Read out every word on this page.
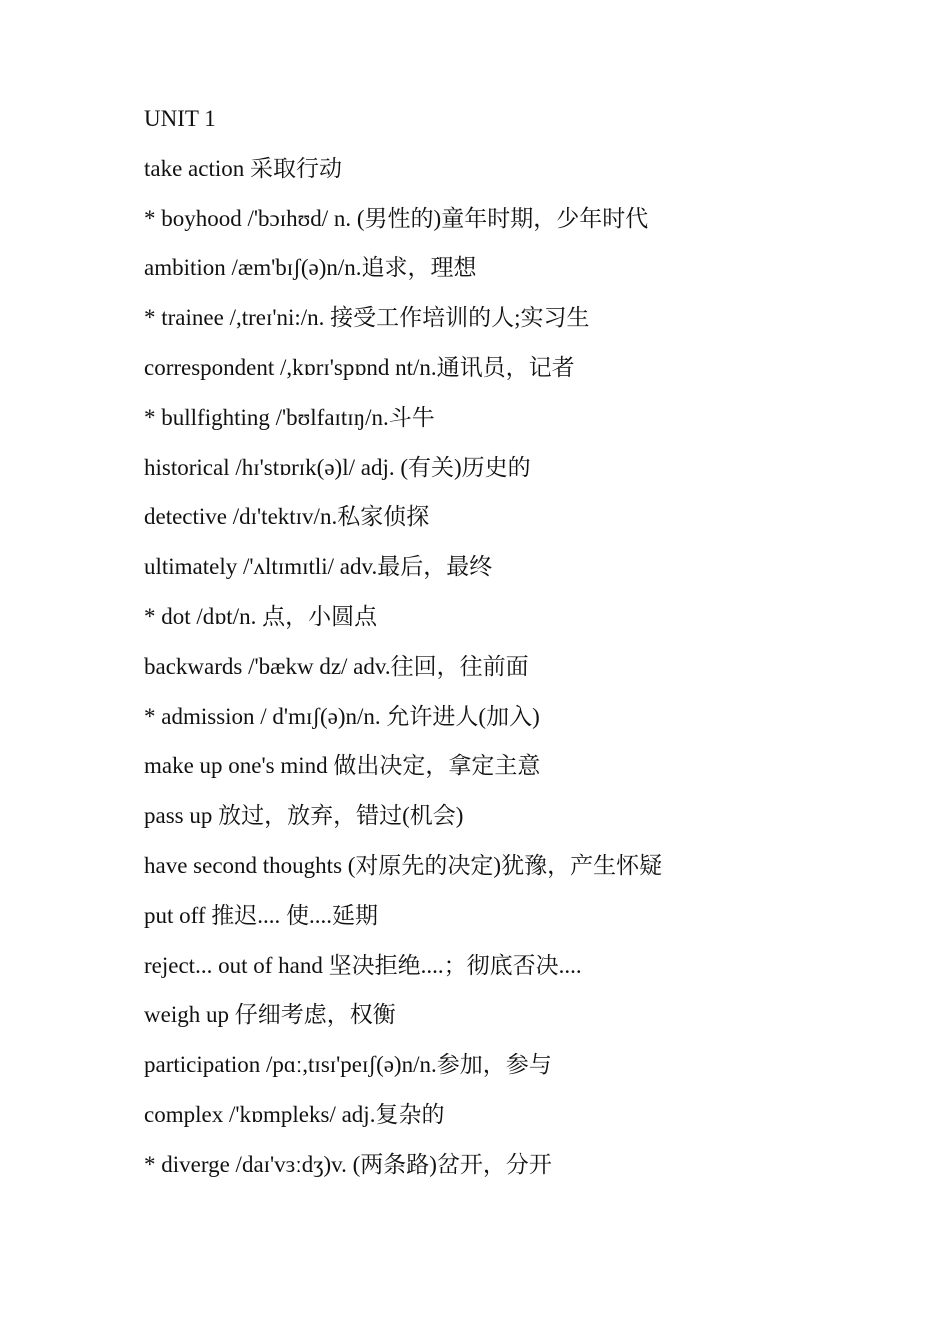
UNIT 1
take action 采取行动
* boyhood /'bɔɪhʊd/ n. (男性的)童年时期，少年时代
ambition /æm'bɪʃ(ə)n/n.追求，理想
* trainee /,treɪ'ni:/n. 接受工作培训的人;实习生
correspondent /,kɒrɪ'spɒnd nt/n.通讯员，记者
* bullfighting /'bʊlfaɪtɪŋ/n.斗牛
historical /hɪ'stɒrɪk(ə)l/ adj. (有关)历史的
detective /dɪ'tektɪv/n.私家侦探
ultimately /'ʌltɪmɪtli/ adv.最后，最终
* dot /dɒt/n. 点，小圆点
backwards /'bækw dz/ adv.往回，往前面
* admission / d'mɪʃ(ə)n/n. 允许进人(加入)
make up one's mind 做出决定，拿定主意
pass up 放过，放弃，错过(机会)
have second thoughts (对原先的决定)犹豫，产生怀疑
put off 推迟.... 使....延期
reject... out of hand 坚决拒绝....；彻底否决....
weigh up 仔细考虑，权衡
participation /pɑː,tɪsɪ'peɪʃ(ə)n/n.参加，参与
complex /'kɒmpleks/ adj.复杂的
* diverge /daɪ'vɜːdʒ)v. (两条路)岔开，分开
